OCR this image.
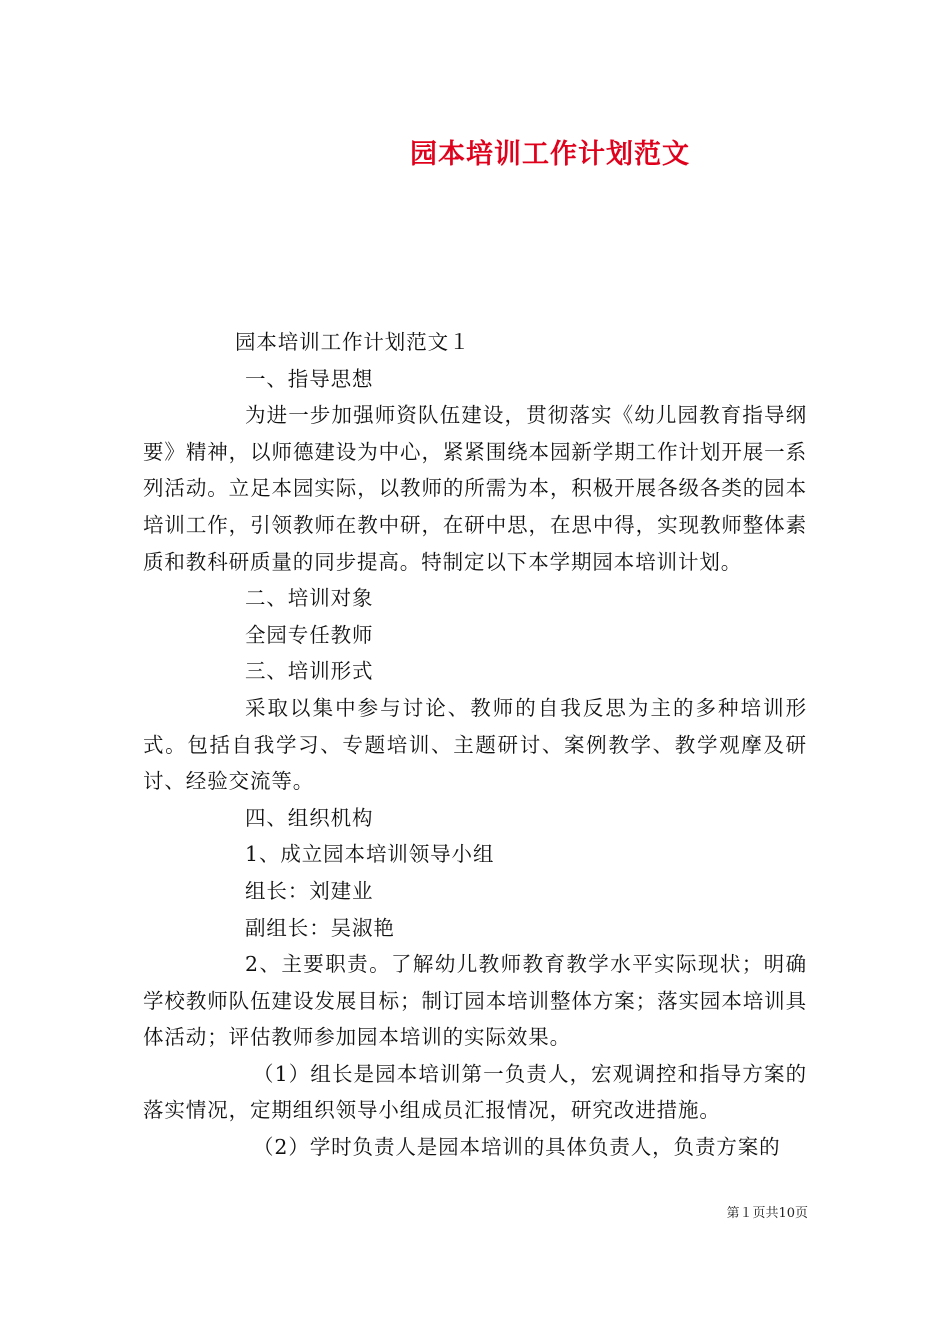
园本培训工作计划范文

园本培训工作计划范文１

一、指导思想

为进一步加强师资队伍建设，贯彻落实《幼儿园教育指导纲要》精神，以师德建设为中心，紧紧围绕本园新学期工作计划开展一系列活动。立足本园实际，以教师的所需为本，积极开展各级各类的园本培训工作，引领教师在教中研，在研中思，在思中得，实现教师整体素质和教科研质量的同步提高。特制定以下本学期园本培训计划。

二、培训对象

全园专任教师

三、培训形式

采取以集中参与讨论、教师的自我反思为主的多种培训形式。包括自我学习、专题培训、主题研讨、案例教学、教学观摩及研讨、经验交流等。

四、组织机构

1、成立园本培训领导小组

组长：刘建业

副组长：吴淑艳

2、主要职责。了解幼儿教师教育教学水平实际现状；明确学校教师队伍建设发展目标；制订园本培训整体方案；落实园本培训具体活动；评估教师参加园本培训的实际效果。

（1）组长是园本培训第一负责人，宏观调控和指导方案的落实情况，定期组织领导小组成员汇报情况，研究改进措施。

（2）学时负责人是园本培训的具体负责人，负责方案的

第１页共10页
